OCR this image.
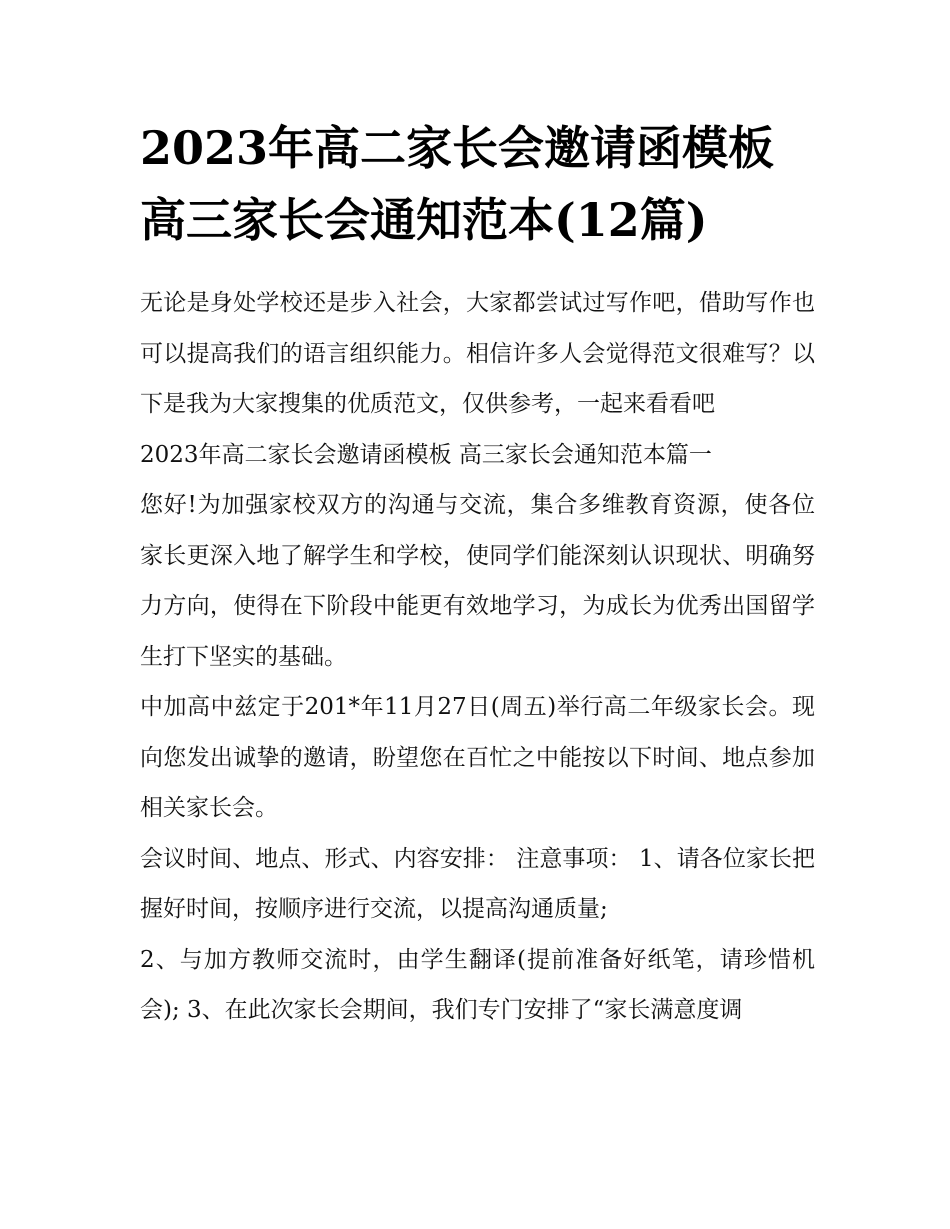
2023年高二家长会邀请函模板
高三家长会通知范本(12篇)

无论是身处学校还是步入社会，大家都尝试过写作吧，借助写作也可以提高我们的语言组织能力。相信许多人会觉得范文很难写？以下是我为大家搜集的优质范文，仅供参考，一起来看看吧

2023年高二家长会邀请函模板 高三家长会通知范本篇一

您好!为加强家校双方的沟通与交流，集合多维教育资源，使各位家长更深入地了解学生和学校，使同学们能深刻认识现状、明确努力方向，使得在下阶段中能更有效地学习，为成长为优秀出国留学生打下坚实的基础。

中加高中兹定于201*年11月27日(周五)举行高二年级家长会。现向您发出诚挚的邀请，盼望您在百忙之中能按以下时间、地点参加相关家长会。

会议时间、地点、形式、内容安排： 注意事项： 1、请各位家长把握好时间，按顺序进行交流，以提高沟通质量;

2、与加方教师交流时，由学生翻译(提前准备好纸笔，请珍惜机会); 3、在此次家长会期间，我们专门安排了“家长满意度调
